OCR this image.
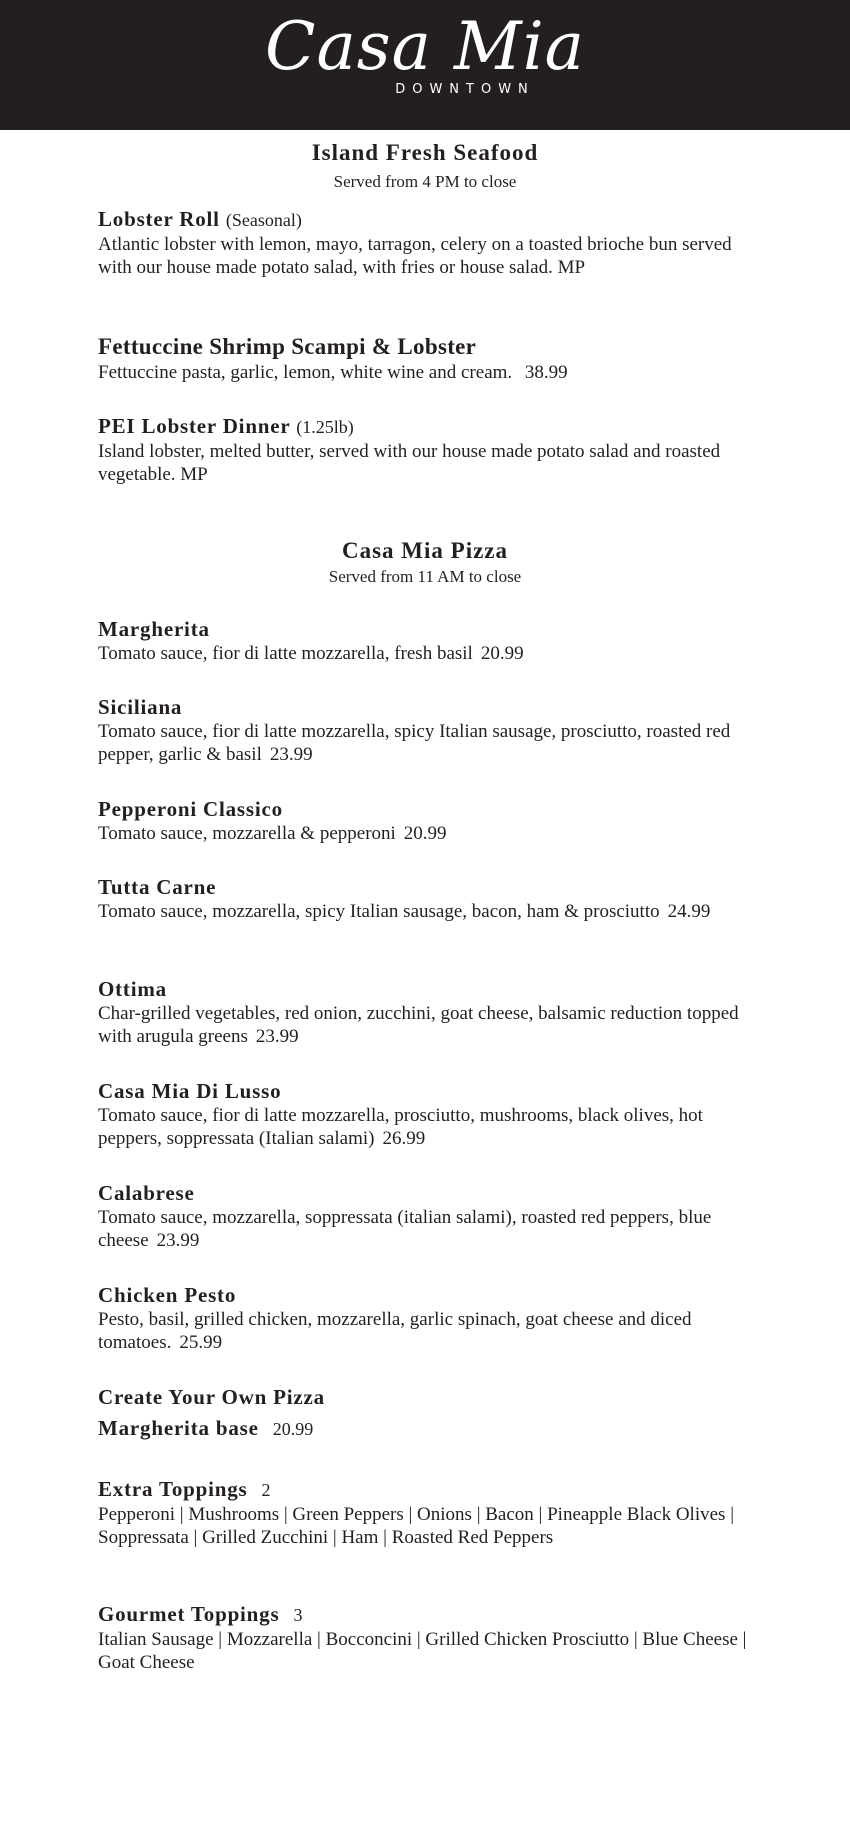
Casa Mia
DOWNTOWN
Island Fresh Seafood
Served from 4 PM to close
Lobster Roll (Seasonal)
Atlantic lobster with lemon, mayo, tarragon, celery on a toasted brioche bun served with our house made potato salad, with fries or house salad. MP
Fettuccine Shrimp Scampi & Lobster
Fettuccine pasta, garlic, lemon, white wine and cream. 38.99
PEI Lobster Dinner (1.25lb)
Island lobster, melted butter, served with our house made potato salad and roasted vegetable. MP
Casa Mia Pizza
Served from 11 AM to close
Margherita
Tomato sauce, fior di latte mozzarella, fresh basil 20.99
Siciliana
Tomato sauce, fior di latte mozzarella, spicy Italian sausage, prosciutto, roasted red pepper, garlic & basil 23.99
Pepperoni Classico
Tomato sauce, mozzarella & pepperoni 20.99
Tutta Carne
Tomato sauce, mozzarella, spicy Italian sausage, bacon, ham & prosciutto 24.99
Ottima
Char-grilled vegetables, red onion, zucchini, goat cheese, balsamic reduction topped with arugula greens 23.99
Casa Mia Di Lusso
Tomato sauce, fior di latte mozzarella, prosciutto, mushrooms, black olives, hot peppers, soppressata (Italian salami) 26.99
Calabrese
Tomato sauce, mozzarella, soppressata (italian salami), roasted red peppers, blue cheese 23.99
Chicken Pesto
Pesto, basil, grilled chicken, mozzarella, garlic spinach, goat cheese and diced tomatoes. 25.99
Create Your Own Pizza
Margherita base 20.99
Extra Toppings 2
Pepperoni | Mushrooms | Green Peppers | Onions | Bacon | Pineapple Black Olives | Soppressata | Grilled Zucchini | Ham | Roasted Red Peppers
Gourmet Toppings 3
Italian Sausage | Mozzarella | Bocconcini | Grilled Chicken Prosciutto | Blue Cheese | Goat Cheese
